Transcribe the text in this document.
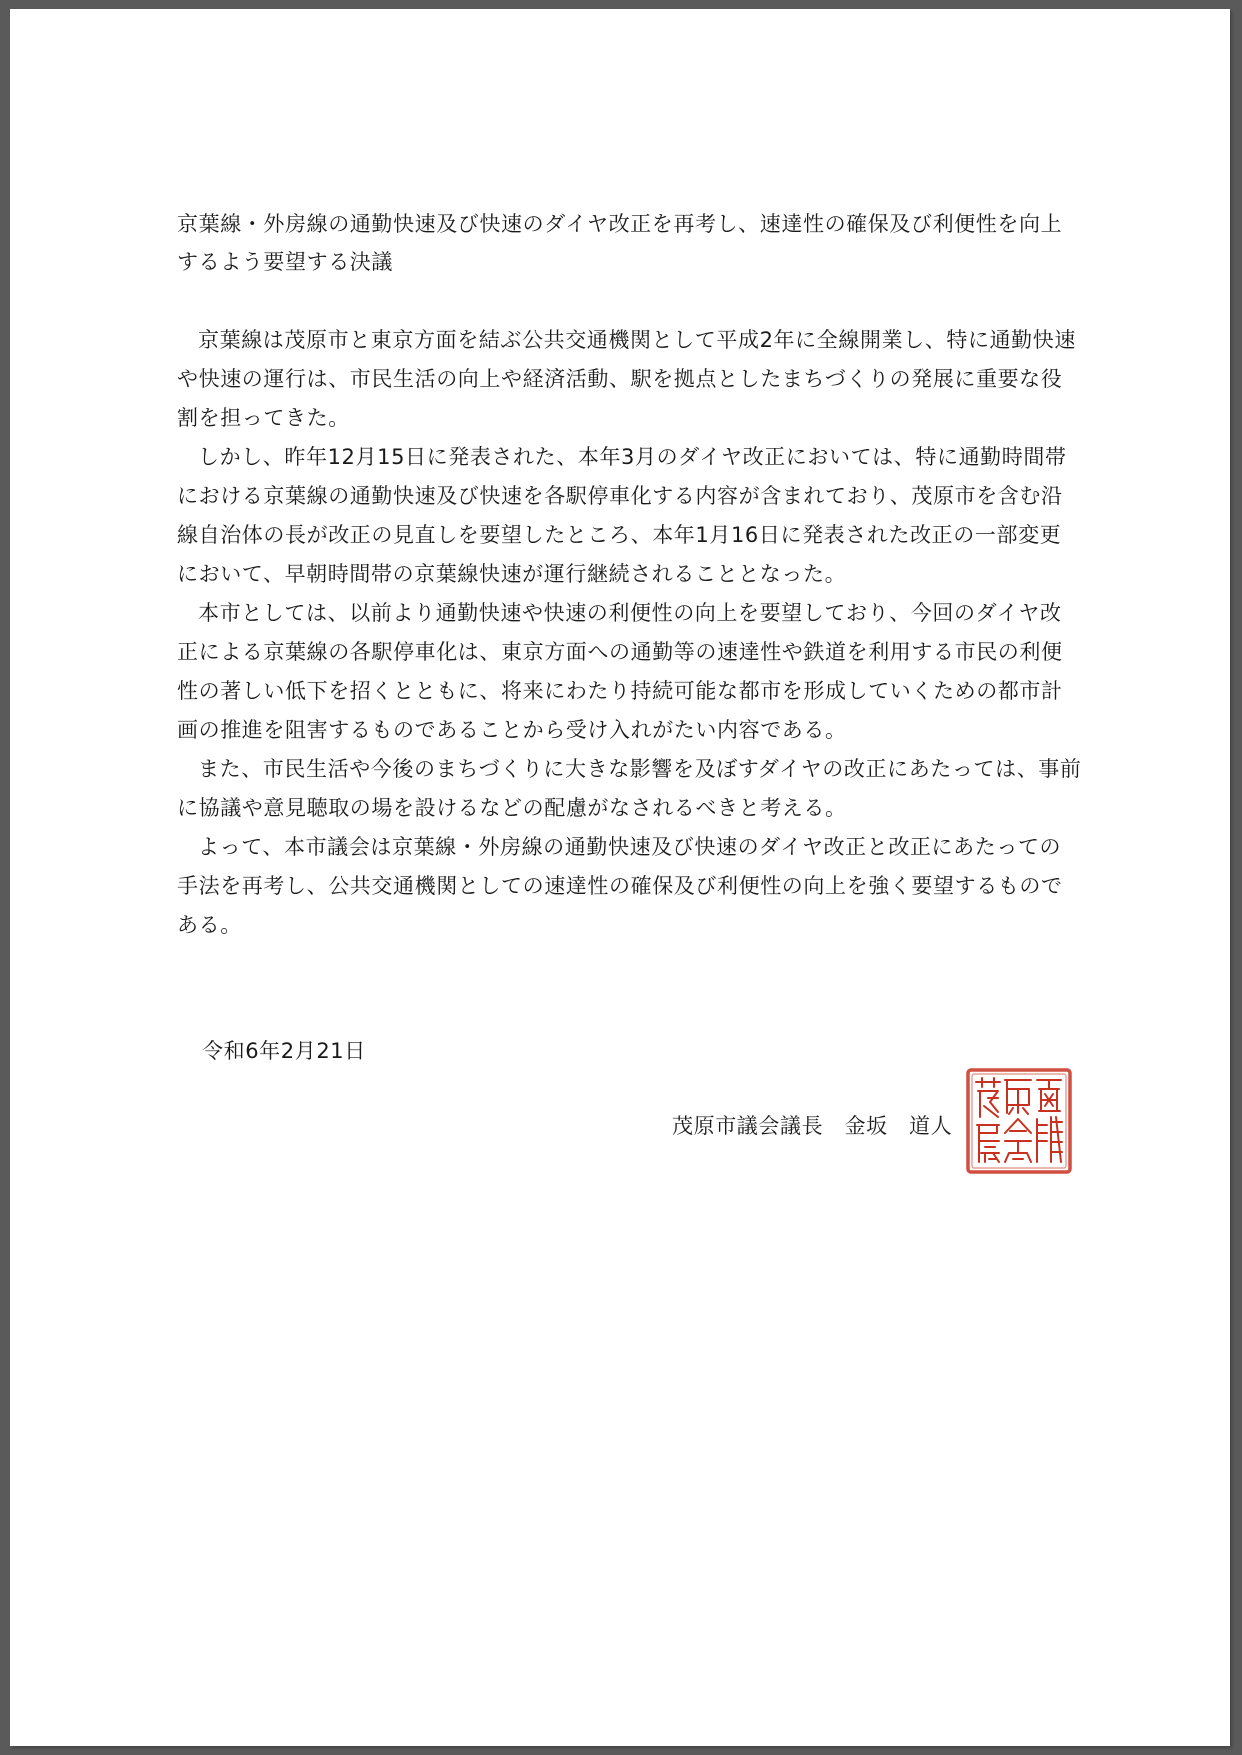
京葉線・外房線の通勤快速及び快速のダイヤ改正を再考し、速達性の確保及び利便性を向上するよう要望する決議

京葉線は茂原市と東京方面を結ぶ公共交通機関として平成2年に全線開業し、特に通勤快速や快速の運行は、市民生活の向上や経済活動、駅を拠点としたまちづくりの発展に重要な役割を担ってきた。

しかし、昨年12月15日に発表された、本年3月のダイヤ改正においては、特に通勤時間帯における京葉線の通勤快速及び快速を各駅停車化する内容が含まれており、茂原市を含む沿線自治体の長が改正の見直しを要望したところ、本年1月16日に発表された改正の一部変更において、早朝時間帯の京葉線快速が運行継続されることとなった。

本市としては、以前より通勤快速や快速の利便性の向上を要望しており、今回のダイヤ改正による京葉線の各駅停車化は、東京方面への通勤等の速達性や鉄道を利用する市民の利便性の著しい低下を招くとともに、将来にわたり持続可能な都市を形成していくための都市計画の推進を阻害するものであることから受け入れがたい内容である。

また、市民生活や今後のまちづくりに大きな影響を及ぼすダイヤの改正にあたっては、事前に協議や意見聴取の場を設けるなどの配慮がなされるべきと考える。

よって、本市議会は京葉線・外房線の通勤快速及び快速のダイヤ改正と改正にあたっての手法を再考し、公共交通機関としての速達性の確保及び利便性の向上を強く要望するものである。

令和6年2月21日
茂原市議会議長 金坂 道人
